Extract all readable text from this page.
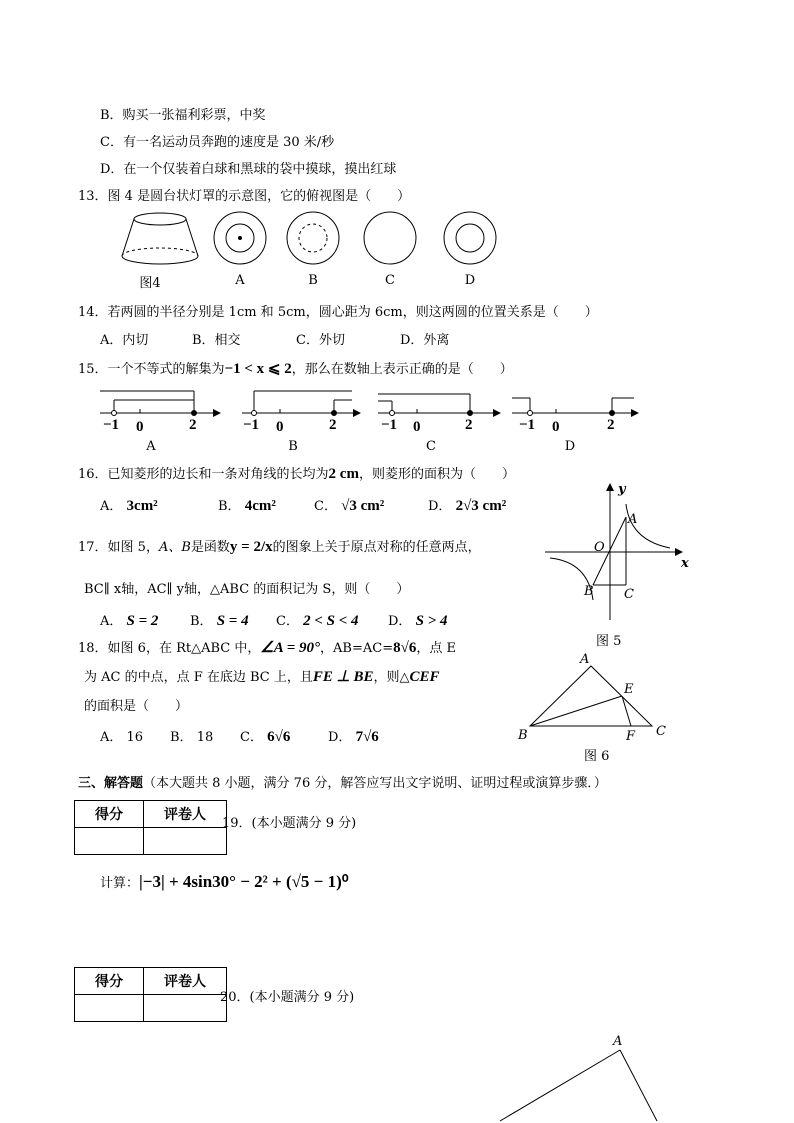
B．购买一张福利彩票，中奖
C．有一名运动员奔跑的速度是 30 米/秒
D．在一个仅装着白球和黑球的袋中摸球，摸出红球
13．图 4 是圆台状灯罩的示意图，它的俯视图是（　　）
图4	A	B	C	D
14．若两圆的半径分别是 1cm 和 5cm，圆心距为 6cm，则这两圆的位置关系是（　　）
A．内切	B．相交	C．外切	D．外离
15．一个不等式的解集为−1 < x ⩽ 2，那么在数轴上表示正确的是（　　）
−1 0	2	−1 0	2	−1 0	2	−1 0	2
A	B	C	D
16．已知菱形的边长和一条对角线的长均为2 cm，则菱形的面积为（　　）
A． 3cm²	B． 4cm²	C． √3 cm²	D． 2√3 cm²
17．如图 5，A、B是函数y = 2/x的图象上关于原点对称的任意两点，
BC∥ x轴，AC∥ y轴，△ABC 的面积记为 S，则（　　）
A． S = 2 B． S = 4 C． 2 < S < 4 D． S > 4
y
x
A
O
B C
图 5
18．如图 6，在 Rt△ABC 中，∠A = 90°，AB=AC=8√6，点 E
为 AC 的中点，点 F 在底边 BC 上，且FE ⊥ BE，则△CEF
的面积是（　　）
A． 16 B． 18 C． 6√6	D． 7√6
A
E
B	F C
图 6
三、解答题（本大题共 8 小题，满分 76 分，解答应写出文字说明、证明过程或演算步骤．）
得分	评卷人

19．(本小题满分 9 分)
计算：|−3| + 4sin30° − 2² + (√5 − 1)⁰
得分	评卷人

20．(本小题满分 9 分)
A
